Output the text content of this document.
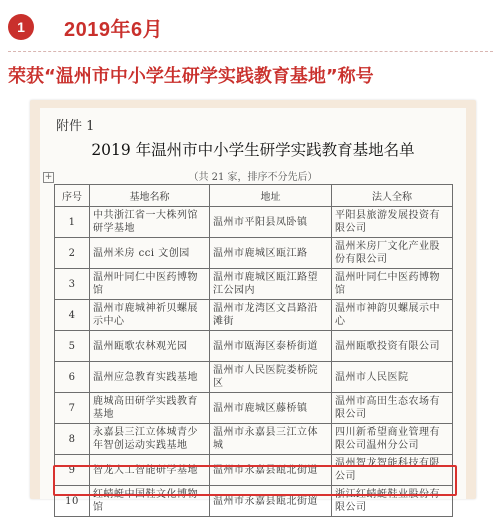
1	2019年6月
荣获“温州市中小学生研学实践教育基地”称号
附件 1
2019 年温州市中小学生研学实践教育基地名单
（共 21 家，排序不分先后）
+
序号	基地名称	地址	法人全称
1	中共浙江省一大株列馆研学基地	温州市平阳县凤卧镇	平阳县旅游发展投资有限公司
2	温州米房 cci 文创园	温州市鹿城区瓯江路	温州米房厂文化产业股份有限公司
3	温州叶同仁中医药博物馆	温州市鹿城区瓯江路望江公园内	温州叶同仁中医药博物馆
4	温州市鹿城神祈贝螺展示中心	温州市龙湾区文昌路沿滩街	温州市神韵贝螺展示中心
5	温州瓯歌农林观光园	温州市瓯海区泰桥街道	温州瓯歌投资有限公司
6	温州应急教育实践基地	温州市人民医院娄桥院区	温州市人民医院
7	鹿城高田研学实践教育基地	温州市鹿城区藤桥镇	温州市高田生态农场有限公司
8	永嘉县三江立体城青少年智创运动实践基地	温州市永嘉县三江立体城	四川新希望商业管理有限公司温州分公司
9	智龙人工智能研学基地	温州市永嘉县瓯北街道	温州智龙智能科技有限公司
10	红蜻蜓中国鞋文化博物馆	温州市永嘉县瓯北街道	浙江红蜻蜓鞋业股份有限公司
